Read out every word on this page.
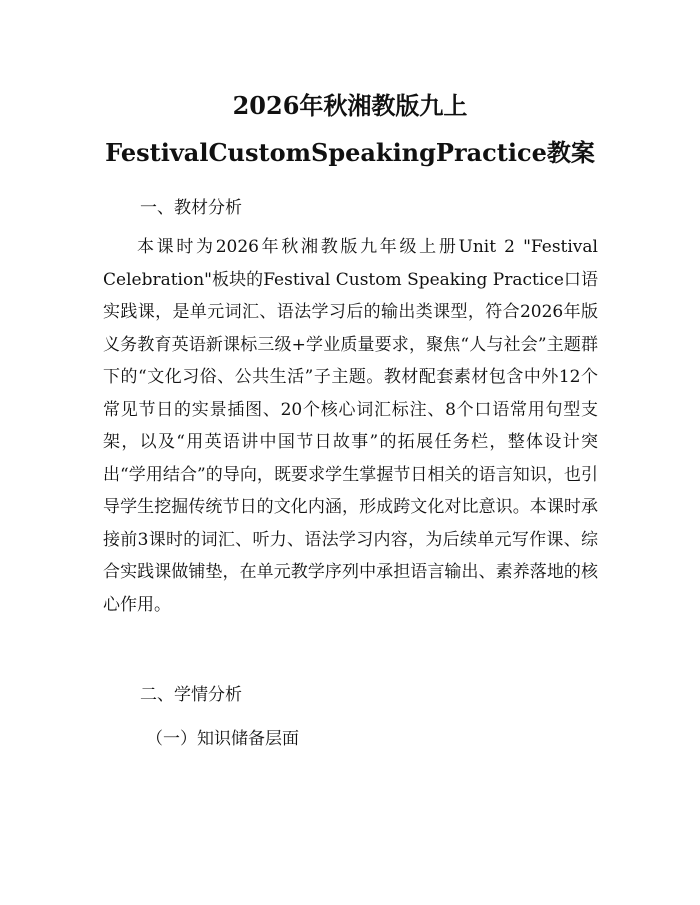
2026年秋湘教版九上
FestivalCustomSpeakingPractice教案
一、教材分析

本课时为2026年秋湘教版九年级上册Unit 2 "Festival Celebration"板块的Festival Custom Speaking Practice口语实践课，是单元词汇、语法学习后的输出类课型，符合2026年版义务教育英语新课标三级+学业质量要求，聚焦“人与社会”主题群下的“文化习俗、公共生活”子主题。教材配套素材包含中外12个常见节日的实景插图、20个核心词汇标注、8个口语常用句型支架，以及“用英语讲中国节日故事”的拓展任务栏，整体设计突出“学用结合”的导向，既要求学生掌握节日相关的语言知识，也引导学生挖掘传统节日的文化内涵，形成跨文化对比意识。本课时承接前3课时的词汇、听力、语法学习内容，为后续单元写作课、综合实践课做铺垫，在单元教学序列中承担语言输出、素养落地的核心作用。

二、学情分析
（一）知识储备层面
